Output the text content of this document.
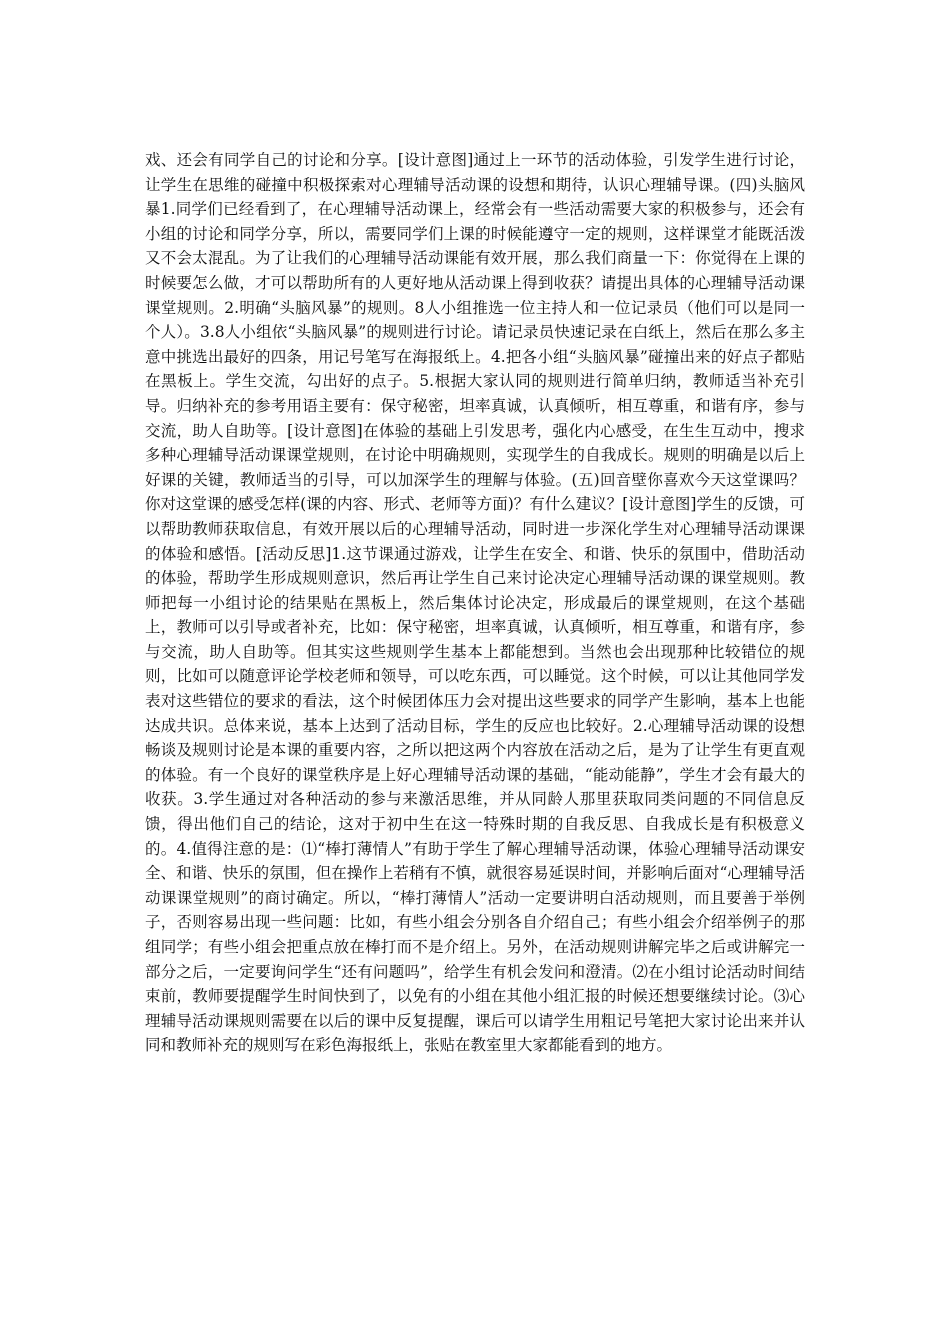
戏、还会有同学自己的讨论和分享。[设计意图]通过上一环节的活动体验，引发学生进行讨论，让学生在思维的碰撞中积极探索对心理辅导活动课的设想和期待，认识心理辅导课。(四)头脑风暴1.同学们已经看到了，在心理辅导活动课上，经常会有一些活动需要大家的积极参与，还会有小组的讨论和同学分享，所以，需要同学们上课的时候能遵守一定的规则，这样课堂才能既活泼又不会太混乱。为了让我们的心理辅导活动课能有效开展，那么我们商量一下：你觉得在上课的时候要怎么做，才可以帮助所有的人更好地从活动课上得到收获？请提出具体的心理辅导活动课课堂规则。2.明确“头脑风暴”的规则。8人小组推选一位主持人和一位记录员（他们可以是同一个人）。3.8人小组依“头脑风暴”的规则进行讨论。请记录员快速记录在白纸上，然后在那么多主意中挑选出最好的四条，用记号笔写在海报纸上。4.把各小组“头脑风暴”碰撞出来的好点子都贴在黑板上。学生交流，勾出好的点子。5.根据大家认同的规则进行简单归纳，教师适当补充引导。归纳补充的参考用语主要有：保守秘密，坦率真诚，认真倾听，相互尊重，和谐有序，参与交流，助人自助等。[设计意图]在体验的基础上引发思考，强化内心感受，在生生互动中，搜求多种心理辅导活动课课堂规则，在讨论中明确规则，实现学生的自我成长。规则的明确是以后上好课的关键，教师适当的引导，可以加深学生的理解与体验。(五)回音壁你喜欢今天这堂课吗？你对这堂课的感受怎样(课的内容、形式、老师等方面)？有什么建议？[设计意图]学生的反馈，可以帮助教师获取信息，有效开展以后的心理辅导活动，同时进一步深化学生对心理辅导活动课课的体验和感悟。[活动反思]1.这节课通过游戏，让学生在安全、和谐、快乐的氛围中，借助活动的体验，帮助学生形成规则意识，然后再让学生自己来讨论决定心理辅导活动课的课堂规则。教师把每一小组讨论的结果贴在黑板上，然后集体讨论决定，形成最后的课堂规则，在这个基础上，教师可以引导或者补充，比如：保守秘密，坦率真诚，认真倾听，相互尊重，和谐有序，参与交流，助人自助等。但其实这些规则学生基本上都能想到。当然也会出现那种比较错位的规则，比如可以随意评论学校老师和领导，可以吃东西，可以睡觉。这个时候，可以让其他同学发表对这些错位的要求的看法，这个时候团体压力会对提出这些要求的同学产生影响，基本上也能达成共识。总体来说，基本上达到了活动目标，学生的反应也比较好。2.心理辅导活动课的设想畅谈及规则讨论是本课的重要内容，之所以把这两个内容放在活动之后，是为了让学生有更直观的体验。有一个良好的课堂秩序是上好心理辅导活动课的基础，“能动能静”，学生才会有最大的收获。3.学生通过对各种活动的参与来激活思维，并从同龄人那里获取同类问题的不同信息反馈，得出他们自己的结论，这对于初中生在这一特殊时期的自我反思、自我成长是有积极意义的。4.值得注意的是：⑴“棒打薄情人”有助于学生了解心理辅导活动课，体验心理辅导活动课安全、和谐、快乐的氛围，但在操作上若稍有不慎，就很容易延误时间，并影响后面对“心理辅导活动课课堂规则”的商讨确定。所以，“棒打薄情人”活动一定要讲明白活动规则，而且要善于举例子，否则容易出现一些问题：比如，有些小组会分别各自介绍自己；有些小组会介绍举例子的那组同学；有些小组会把重点放在棒打而不是介绍上。另外，在活动规则讲解完毕之后或讲解完一部分之后，一定要询问学生“还有问题吗”，给学生有机会发问和澄清。⑵在小组讨论活动时间结束前，教师要提醒学生时间快到了，以免有的小组在其他小组汇报的时候还想要继续讨论。⑶心理辅导活动课规则需要在以后的课中反复提醒，课后可以请学生用粗记号笔把大家讨论出来并认同和教师补充的规则写在彩色海报纸上，张贴在教室里大家都能看到的地方。
